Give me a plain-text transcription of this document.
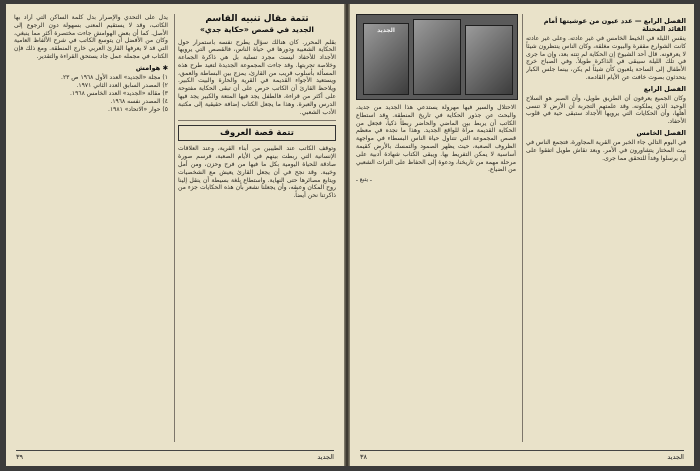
تتمة مقال تنبيه القاسم
الجديد في قصص «حكاية جدي»

بقلم المحرر. كان هنالك سؤال يطرح نفسه باستمرار حول الحكاية الشعبية ودورها في حياة الناس، فالقصص التي يرويها الأجداد للأحفاد ليست مجرد تسلية بل هي ذاكرة الجماعة وخلاصة تجربتها. وقد جاءت المجموعة الجديدة لتعيد طرح هذه المسألة بأسلوب قريب من القارئ، يمزج بين البساطة والعمق، ويستعيد الأجواء القديمة في القرية والحارة والبيت الكبير. ويلاحظ القارئ أن الكاتب حرص على أن تبقى الحكاية مفتوحة على أكثر من قراءة، فالطفل يجد فيها المتعة والكبير يجد فيها الدرس والعبرة. وهذا ما يجعل الكتاب إضافة حقيقية إلى مكتبة الأدب الشعبي.

تتمة قصة العروف

وتوقف الكاتب عند الطيبين من أبناء القرية، وعند العلاقات الإنسانية التي ربطت بينهم في الأيام الصعبة، فرسم صورة صادقة للحياة اليومية بكل ما فيها من فرح وحزن، ومن أمل وخيبة. وقد نجح في أن يجعل القارئ يعيش مع الشخصيات ويتابع مصائرها حتى النهاية. واستطاع بلغة بسيطة أن ينقل إلينا روح المكان وعبقه، وأن يجعلنا نشعر بأن هذه الحكايات جزء من ذاكرتنا نحن أيضاً.

يدل على التحدي والإصرار بدل كلمة الساكن التي أراد بها الكاتب، وقد لا يستقيم المعنى بسهولة دون الرجوع إلى الأصل. كما أن بعض الهوامش جاءت مختصرة أكثر مما ينبغي، وكان من الأفضل أن يتوسع الكاتب في شرح الألفاظ العامية التي قد لا يعرفها القارئ العربي خارج المنطقة. ومع ذلك فإن الكتاب في مجمله عمل جاد يستحق القراءة والتقدير.

✱ هوامش
١) مجلة «الجديد» العدد الأول ١٩٦٨ ص ٢٣.
٢) المصدر السابق العدد الثاني ١٩٧١.
٣) مقالة «الجديد» العدد الخامس ١٩٦٨.
٤) المصدر نفسه ١٩٦٨.
٥) حوار «الاتحاد» ١٩٨١.
الجديد
٣٩
الفصل الرابع — عدد عيون من عوشيتها أمام القائد المحتلة

ينقس الليلة في الخيط الخامس في غير عادته. وعلى غير عادته كانت الشوارع مقفرة والبيوت مغلقة، وكان الناس ينتظرون شيئاً لا يعرفونه. قال أحد الشيوخ إن الحكاية لم تنته بعد، وإن ما جرى في تلك الليلة سيبقى في الذاكرة طويلاً. وفي الصباح خرج الأطفال إلى الساحة يلعبون كأن شيئاً لم يكن، بينما جلس الكبار يتحدثون بصوت خافت عن الأيام القادمة.

الفصل الرابع

وكان الجميع يعرفون أن الطريق طويل، وأن الصبر هو السلاح الوحيد الذي يملكونه. وقد علمتهم التجربة أن الأرض لا تنسى أهلها، وأن الحكايات التي يرويها الأجداد ستبقى حية في قلوب الأحفاد.

الفصل الخامس

في اليوم التالي جاء الخبر من القرية المجاورة، فتجمع الناس في بيت المختار يتشاورون في الأمر. وبعد نقاش طويل اتفقوا على أن يرسلوا وفداً للتحقق مما جرى.

الجديد

الاحتلال والسير فيها مهرولة يستدعي هذا الجديد من جديد، والبحث عن جذور الحكاية في تاريخ المنطقة. وقد استطاع الكاتب أن يربط بين الماضي والحاضر ربطاً ذكياً، فجعل من الحكاية القديمة مرآة للواقع الجديد. وهذا ما نجده في معظم قصص المجموعة التي تتناول حياة الناس البسطاء في مواجهة الظروف الصعبة، حيث يظهر الصمود والتمسك بالأرض كقيمة أساسية لا يمكن التفريط بها. ويبقى الكتاب شهادة أدبية على مرحلة مهمة من تاريخنا، ودعوة إلى الحفاظ على التراث الشعبي من الضياع.

ـ يتبع ـ
الجديد
٣٨
